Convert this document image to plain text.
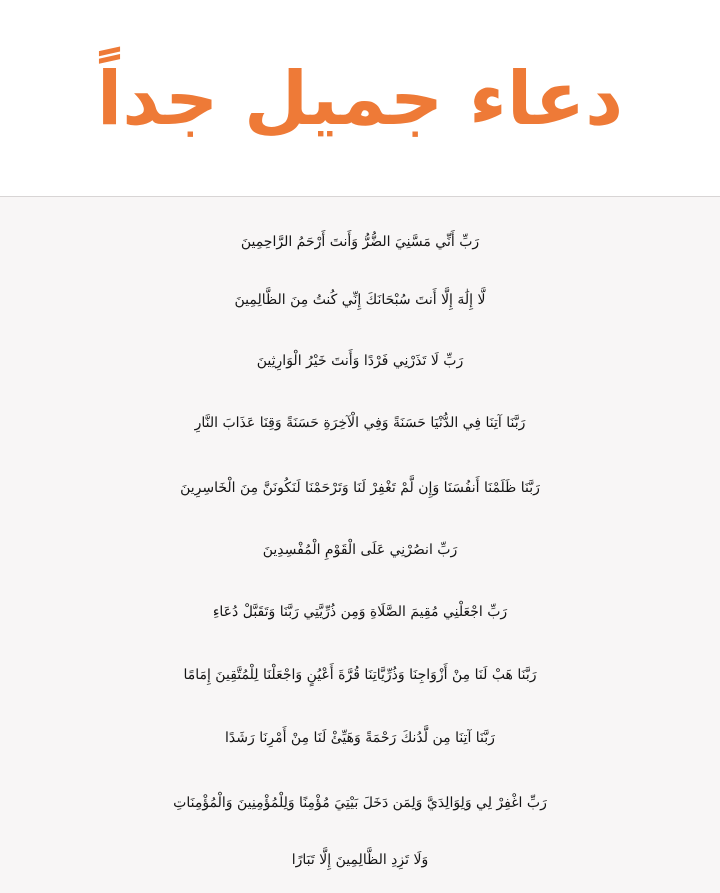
دعاء جميل جداً
رَبِّ أَنِّي مَسَّنِيَ الضُّرُّ وَأَنتَ أَرْحَمُ الرَّاحِمِينَ
لَّا إِلَٰهَ إِلَّا أَنتَ سُبْحَانَكَ إِنِّي كُنتُ مِنَ الظَّالِمِينَ
رَبِّ لَا تَذَرْنِي فَرْدًا وَأَنتَ خَيْرُ الْوَارِثِينَ
رَبَّنَا آتِنَا فِي الدُّنْيَا حَسَنَةً وَفِي الْآخِرَةِ حَسَنَةً وَقِنَا عَذَابَ النَّارِ
رَبَّنَا ظَلَمْنَا أَنفُسَنَا وَإِن لَّمْ تَغْفِرْ لَنَا وَتَرْحَمْنَا لَنَكُونَنَّ مِنَ الْخَاسِرِينَ
رَبِّ انصُرْنِي عَلَى الْقَوْمِ الْمُفْسِدِينَ
رَبِّ اجْعَلْنِي مُقِيمَ الصَّلَاةِ وَمِن ذُرِّيَّتِي رَبَّنَا وَتَقَبَّلْ دُعَاءِ
رَبَّنَا هَبْ لَنَا مِنْ أَزْوَاجِنَا وَذُرِّيَّاتِنَا قُرَّةَ أَعْيُنٍ وَاجْعَلْنَا لِلْمُتَّقِينَ إِمَامًا
رَبَّنَا آتِنَا مِن لَّدُنكَ رَحْمَةً وَهَيِّئْ لَنَا مِنْ أَمْرِنَا رَشَدًا
رَبِّ اغْفِرْ لِي وَلِوَالِدَيَّ وَلِمَن دَخَلَ بَيْتِيَ مُؤْمِنًا وَلِلْمُؤْمِنِينَ وَالْمُؤْمِنَاتِ
وَلَا تَزِدِ الظَّالِمِينَ إِلَّا تَبَارًا
